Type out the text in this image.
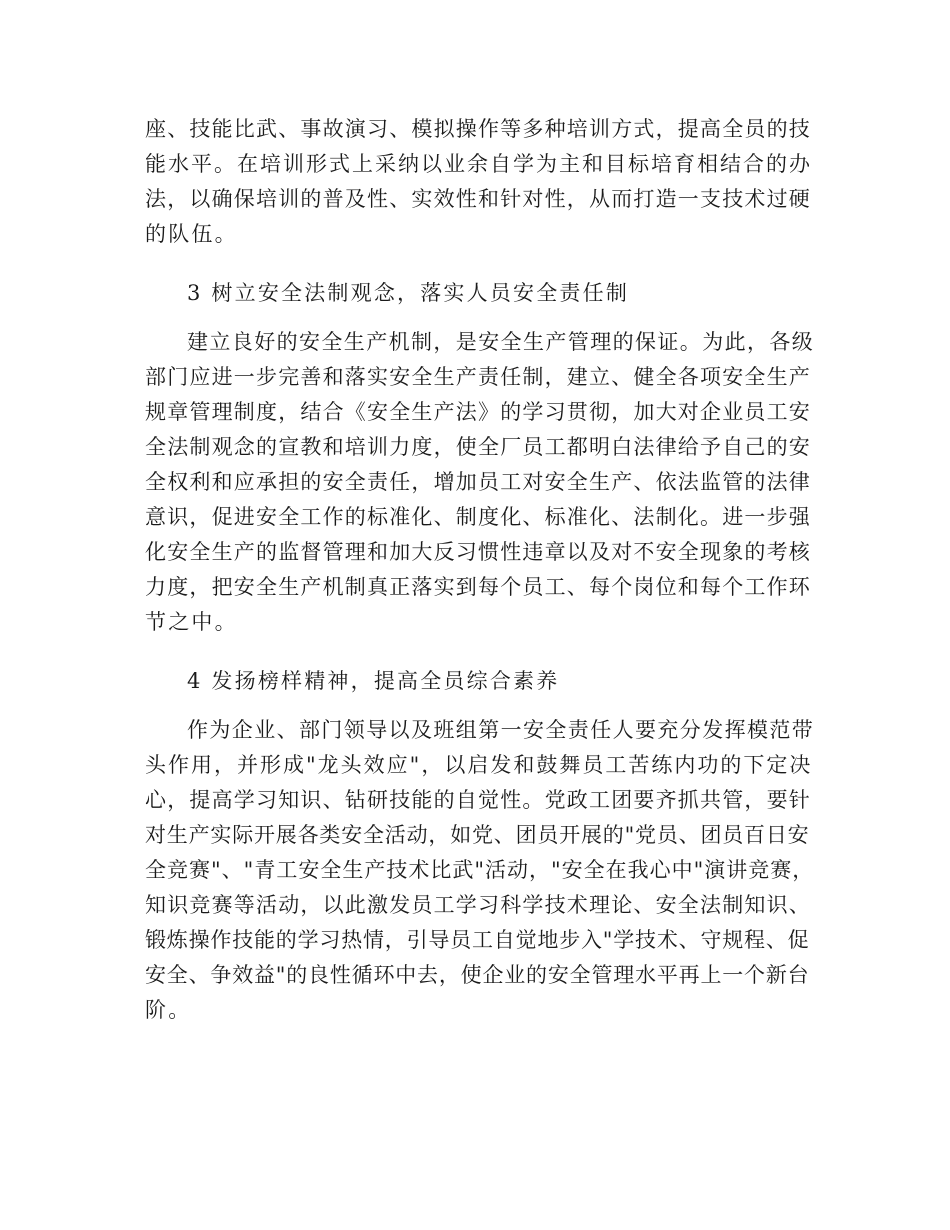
座、技能比武、事故演习、模拟操作等多种培训方式，提高全员的技

能水平。在培训形式上采纳以业余自学为主和目标培育相结合的办

法，以确保培训的普及性、实效性和针对性，从而打造一支技术过硬

的队伍。

3 树立安全法制观念，落实人员安全责任制

建立良好的安全生产机制，是安全生产管理的保证。为此，各级

部门应进一步完善和落实安全生产责任制，建立、健全各项安全生产

规章管理制度，结合《安全生产法》的学习贯彻，加大对企业员工安

全法制观念的宣教和培训力度，使全厂员工都明白法律给予自己的安

全权利和应承担的安全责任，增加员工对安全生产、依法监管的法律

意识，促进安全工作的标准化、制度化、标准化、法制化。进一步强

化安全生产的监督管理和加大反习惯性违章以及对不安全现象的考核

力度，把安全生产机制真正落实到每个员工、每个岗位和每个工作环

节之中。

4 发扬榜样精神，提高全员综合素养

作为企业、部门领导以及班组第一安全责任人要充分发挥模范带

头作用，并形成"龙头效应"，以启发和鼓舞员工苦练内功的下定决

心，提高学习知识、钻研技能的自觉性。党政工团要齐抓共管，要针

对生产实际开展各类安全活动，如党、团员开展的"党员、团员百日安

全竞赛"、"青工安全生产技术比武"活动，"安全在我心中"演讲竞赛，

知识竞赛等活动，以此激发员工学习科学技术理论、安全法制知识、

锻炼操作技能的学习热情，引导员工自觉地步入"学技术、守规程、促

安全、争效益"的良性循环中去，使企业的安全管理水平再上一个新台

阶。
